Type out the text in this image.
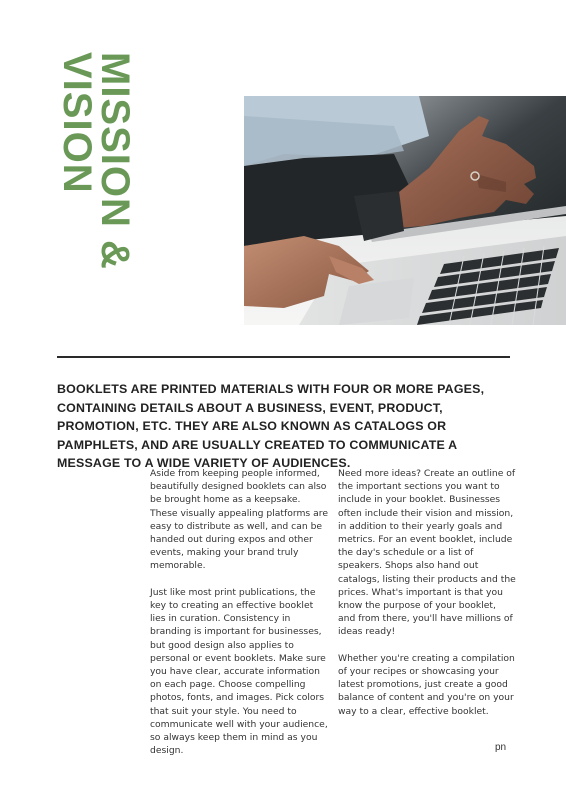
MISSION &
VISION

BOOKLETS ARE PRINTED MATERIALS WITH FOUR OR MORE PAGES, CONTAINING DETAILS ABOUT A BUSINESS, EVENT, PRODUCT, PROMOTION, ETC. THEY ARE ALSO KNOWN AS CATALOGS OR PAMPHLETS, AND ARE USUALLY CREATED TO COMMUNICATE A MESSAGE TO A WIDE VARIETY OF AUDIENCES.

Aside from keeping people informed, beautifully designed booklets can also be brought home as a keepsake. These visually appealing platforms are easy to distribute as well, and can be handed out during expos and other events, making your brand truly memorable.

Just like most print publications, the key to creating an effective booklet lies in curation. Consistency in branding is important for businesses, but good design also applies to personal or event booklets. Make sure you have clear, accurate information on each page. Choose compelling photos, fonts, and images. Pick colors that suit your style. You need to communicate well with your audience, so always keep them in mind as you design.

Need more ideas? Create an outline of the important sections you want to include in your booklet. Businesses often include their vision and mission, in addition to their yearly goals and metrics. For an event booklet, include the day's schedule or a list of speakers. Shops also hand out catalogs, listing their products and the prices. What's important is that you know the purpose of your booklet, and from there, you'll have millions of ideas ready!

Whether you're creating a compilation of your recipes or showcasing your latest promotions, just create a good balance of content and you're on your way to a clear, effective booklet.

pn
